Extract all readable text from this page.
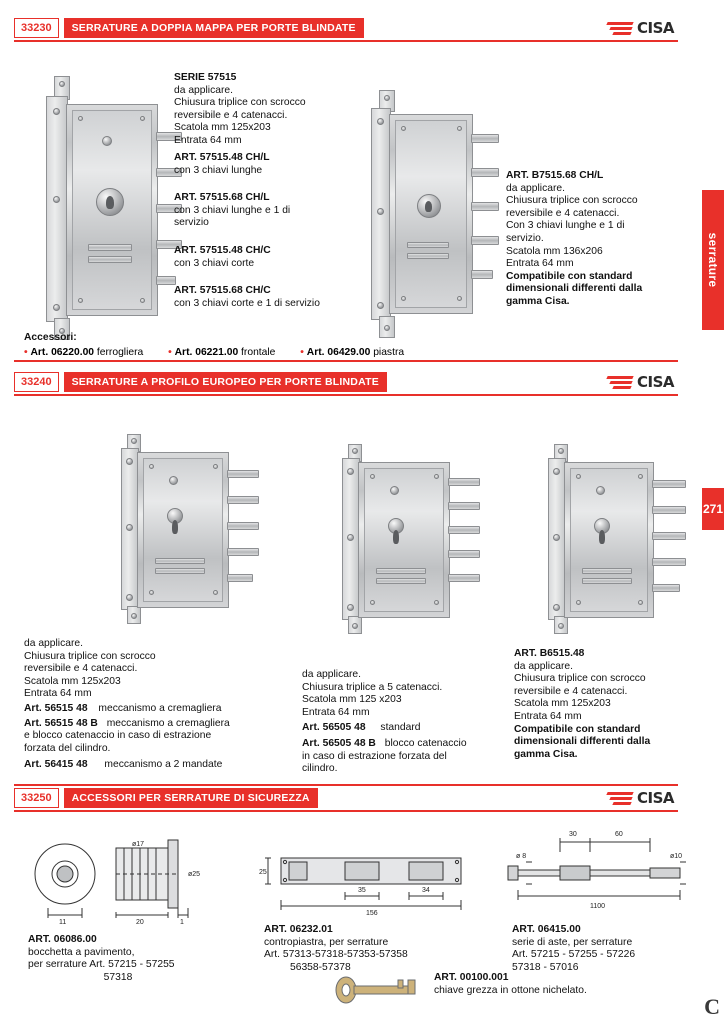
serrature
271
C
33230	SERRATURE A DOPPIA MAPPA PER PORTE BLINDATE	CISA
SERIE 57515
da applicare.
Chiusura triplice con scrocco
reversibile e 4 catenacci.
Scatola mm 125x203
Entrata 64 mm
ART. 57515.48 CH/L
con 3 chiavi lunghe
ART. 57515.68 CH/L
con 3 chiavi lunghe e 1 di
servizio
ART. 57515.48 CH/C
con 3 chiavi corte
ART. 57515.68 CH/C
con 3 chiavi corte e 1 di servizio
ART. B7515.68 CH/L
da applicare.
Chiusura triplice con scrocco
reversibile e 4 catenacci.
Con 3 chiavi lunghe e 1 di
servizio.
Scatola mm 136x206
Entrata 64 mm
Compatibile con standard
dimensionali differenti dalla
gamma Cisa.
Accessori:
• Art. 06220.00 ferrogliera • Art. 06221.00 frontale • Art. 06429.00 piastra
33240	SERRATURE A PROFILO EUROPEO PER PORTE BLINDATE	CISA
da applicare.
Chiusura triplice con scrocco
reversibile e 4 catenacci.
Scatola mm 125x203
Entrata 64 mm
Art. 56515 48 meccanismo a cremagliera
Art. 56515 48 B meccanismo a cremagliera
e blocco catenaccio in caso di estrazione
forzata del cilindro.
Art. 56415 48 meccanismo a 2 mandate
da applicare.
Chiusura triplice a 5 catenacci.
Scatola mm 125 x203
Entrata 64 mm
Art. 56505 48 standard
Art. 56505 48 B blocco catenaccio
in caso di estrazione forzata del
cilindro.
ART. B6515.48
da applicare.
Chiusura triplice con scrocco
reversibile e 4 catenacci.
Scatola mm 125x203
Entrata 64 mm
Compatibile con standard
dimensionali differenti dalla
gamma Cisa.
33250	ACCESSORI PER SERRATURE DI SICUREZZA	CISA
ø17
ø25
11	20	1
ART. 06086.00
bocchetta a pavimento,
per serrature Art. 57215 - 57255
57318
25
35	34
156
ART. 06232.01
contropiastra, per serrature
Art. 57313-57318-57353-57358
56358-57378
30	60
ø10
ø 8
1100
ART. 06415.00
serie di aste, per serrature
Art. 57215 - 57255 - 57226
57318 - 57016
ART. 00100.001
chiave grezza in ottone nichelato.
